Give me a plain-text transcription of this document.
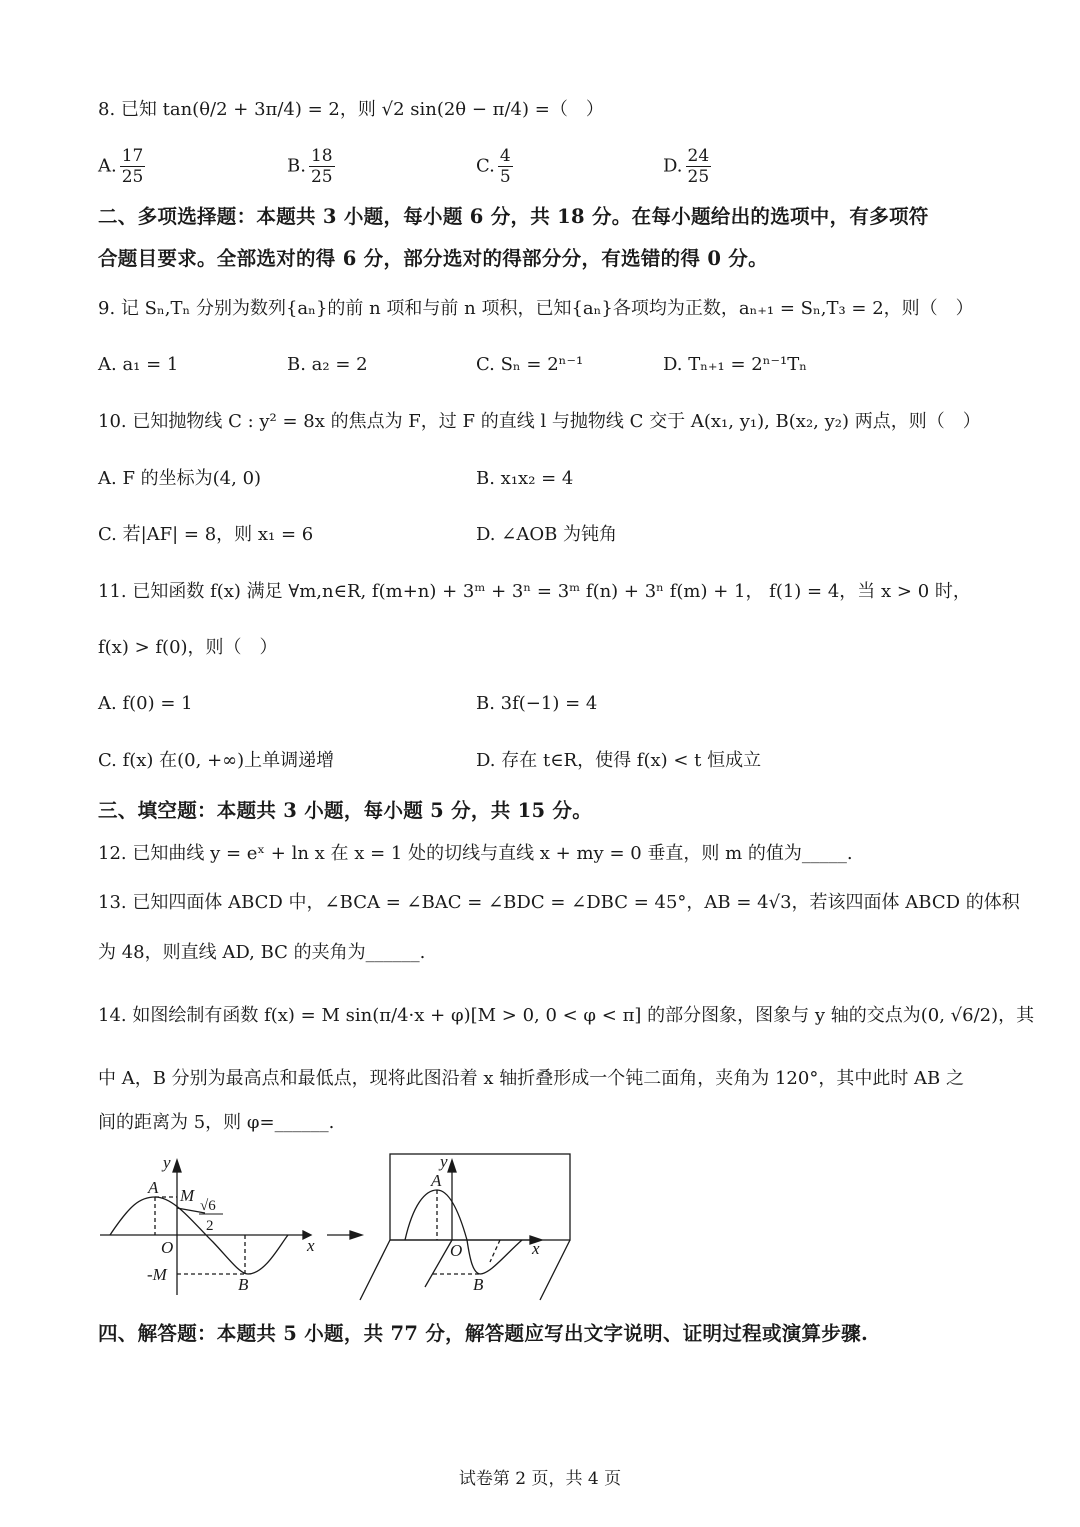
8. 已知 tan(θ/2 + 3π/4) = 2，则 √2 sin(2θ − π/4) =（　）
A. $\frac{17}{25}$	B. $\frac{18}{25}$	C. $\frac{4}{5}$	D. $\frac{24}{25}$
二、多项选择题：本题共 3 小题，每小题 6 分，共 18 分。在每小题给出的选项中，有多项符
合题目要求。全部选对的得 6 分，部分选对的得部分分，有选错的得 0 分。
9. 记 Sₙ,Tₙ 分别为数列{aₙ}的前 n 项和与前 n 项积，已知{aₙ}各项均为正数，aₙ₊₁ = Sₙ,T₃ = 2，则（　）
A. a₁ = 1	B. a₂ = 2	C. Sₙ = 2ⁿ⁻¹	D. Tₙ₊₁ = 2ⁿ⁻¹Tₙ
10. 已知抛物线 C : y² = 8x 的焦点为 F，过 F 的直线 l 与抛物线 C 交于 A(x₁, y₁), B(x₂, y₂) 两点，则（　）
A. F 的坐标为(4, 0)	B. x₁x₂ = 4
C. 若|AF| = 8，则 x₁ = 6	D. ∠AOB 为钝角
11. 已知函数 f(x) 满足 ∀m,n∈R, f(m+n) + 3ᵐ + 3ⁿ = 3ᵐ f(n) + 3ⁿ f(m) + 1， f(1) = 4，当 x > 0 时，
f(x) > f(0)，则（　）
A. f(0) = 1	B. 3f(−1) = 4
C. f(x) 在(0, +∞)上单调递增	D. 存在 t∈R，使得 f(x) < t 恒成立
三、填空题：本题共 3 小题，每小题 5 分，共 15 分。
12. 已知曲线 y = eˣ + ln x 在 x = 1 处的切线与直线 x + my = 0 垂直，则 m 的值为_____.
13. 已知四面体 ABCD 中，∠BCA = ∠BAC = ∠BDC = ∠DBC = 45°，AB = 4√3，若该四面体 ABCD 的体积
为 48，则直线 AD, BC 的夹角为______.
14. 如图绘制有函数 f(x) = M sin(π/4·x + φ)[M > 0, 0 < φ < π] 的部分图象，图象与 y 轴的交点为(0, √6/2)，其
中 A，B 分别为最高点和最低点，现将此图沿着 x 轴折叠形成一个钝二面角，夹角为 120°，其中此时 AB 之
间的距离为 5，则 φ=______.
y
x
O
A
B
M
-M
√6
2
y
x
O
A
B
四、解答题：本题共 5 小题，共 77 分，解答题应写出文字说明、证明过程或演算步骤.
试卷第 2 页，共 4 页
